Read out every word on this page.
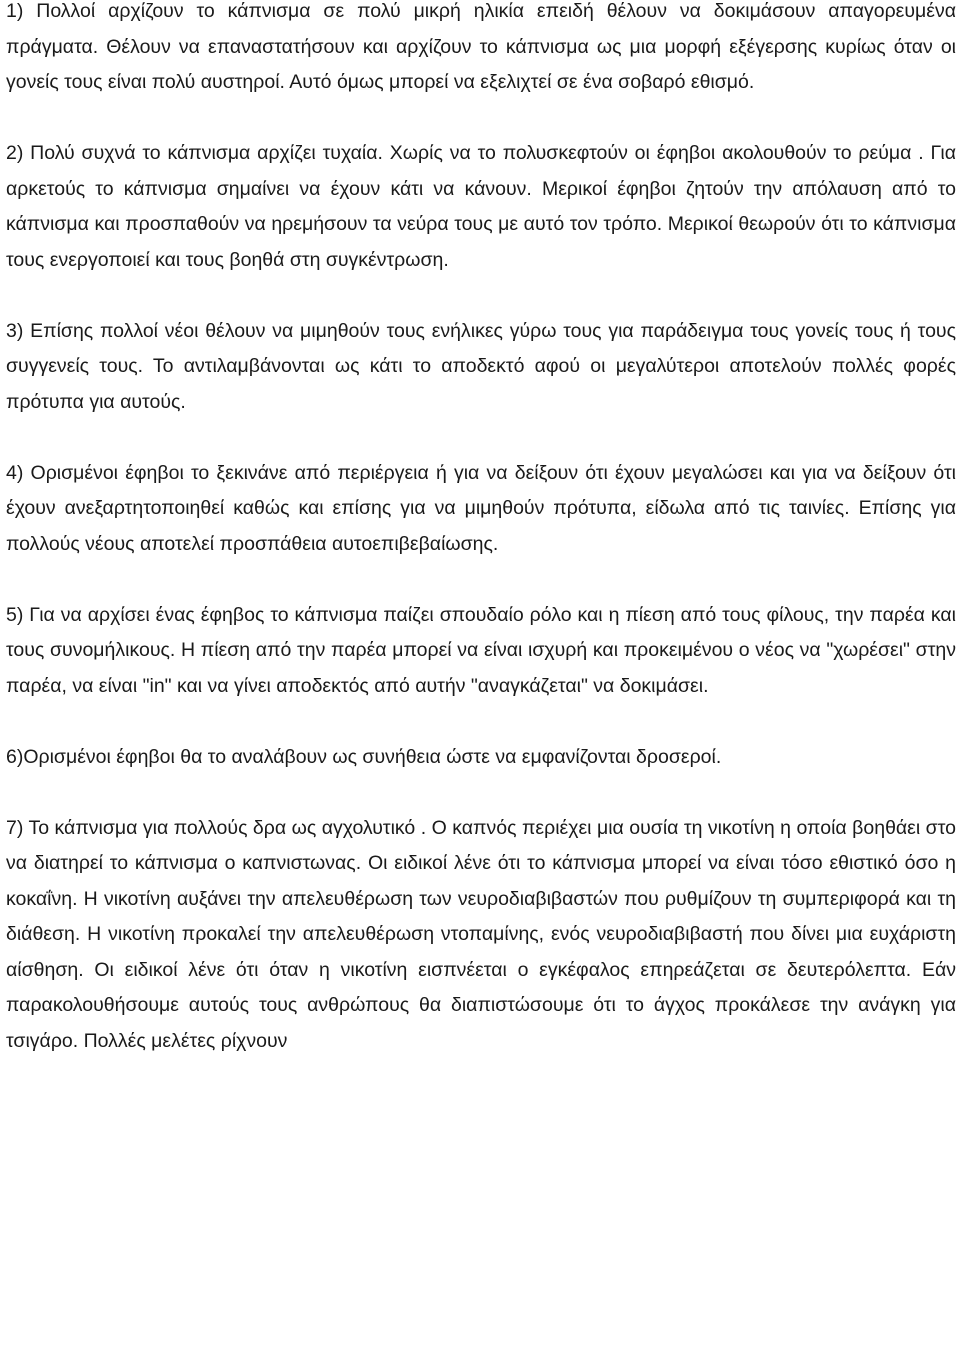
1) Πολλοί αρχίζουν το κάπνισμα σε πολύ μικρή ηλικία επειδή θέλουν να δοκιμάσουν απαγορευμένα πράγματα. Θέλουν να επαναστατήσουν και αρχίζουν το κάπνισμα ως μια μορφή εξέγερσης κυρίως όταν οι γονείς τους είναι πολύ αυστηροί. Αυτό όμως μπορεί να εξελιχτεί σε ένα σοβαρό εθισμό.

2) Πολύ συχνά το κάπνισμα αρχίζει τυχαία. Χωρίς να το πολυσκεφτούν οι έφηβοι ακολουθούν το ρεύμα . Για αρκετούς το κάπνισμα σημαίνει να έχουν κάτι να κάνουν. Μερικοί έφηβοι ζητούν την απόλαυση από το κάπνισμα και προσπαθούν να ηρεμήσουν τα νεύρα τους με αυτό τον τρόπο. Μερικοί θεωρούν ότι το κάπνισμα τους ενεργοποιεί και τους βοηθά στη συγκέντρωση.

3) Επίσης πολλοί νέοι θέλουν να μιμηθούν τους ενήλικες γύρω τους για παράδειγμα τους γονείς τους ή τους συγγενείς τους. Το αντιλαμβάνονται ως κάτι το αποδεκτό αφού οι μεγαλύτεροι αποτελούν πολλές φορές πρότυπα για αυτούς.

4) Ορισμένοι έφηβοι το ξεκινάνε από περιέργεια ή για να δείξουν ότι έχουν μεγαλώσει και για να δείξουν ότι έχουν ανεξαρτητοποιηθεί καθώς και επίσης για να μιμηθούν πρότυπα, είδωλα από τις ταινίες. Επίσης για πολλούς νέους αποτελεί προσπάθεια αυτοεπιβεβαίωσης.

5) Για να αρχίσει ένας έφηβος το κάπνισμα παίζει σπουδαίο ρόλο και η πίεση από τους φίλους, την παρέα και τους συνομήλικους. Η πίεση από την παρέα μπορεί να είναι ισχυρή και προκειμένου ο νέος να "χωρέσει" στην παρέα, να είναι "in" και να γίνει αποδεκτός από αυτήν "αναγκάζεται" να δοκιμάσει.

6)Ορισμένοι έφηβοι θα το αναλάβουν ως συνήθεια ώστε να εμφανίζονται δροσεροί.

7) Το κάπνισμα για πολλούς δρα ως αγχολυτικό . Ο καπνός περιέχει μια ουσία τη νικοτίνη η οποία βοηθάει στο να διατηρεί το κάπνισμα ο καπνιστωνας. Οι ειδικοί λένε ότι το κάπνισμα μπορεί να είναι τόσο εθιστικό όσο η κοκαΐνη. Η νικοτίνη αυξάνει την απελευθέρωση των νευροδιαβιβαστών που ρυθμίζουν τη συμπεριφορά και τη διάθεση. Η νικοτίνη προκαλεί την απελευθέρωση ντοπαμίνης, ενός νευροδιαβιβαστή που δίνει μια ευχάριστη αίσθηση. Οι ειδικοί λένε ότι όταν η νικοτίνη εισπνέεται ο εγκέφαλος επηρεάζεται σε δευτερόλεπτα. Εάν παρακολουθήσουμε αυτούς τους ανθρώπους θα διαπιστώσουμε ότι το άγχος προκάλεσε την ανάγκη για τσιγάρο. Πολλές μελέτες ρίχνουν
